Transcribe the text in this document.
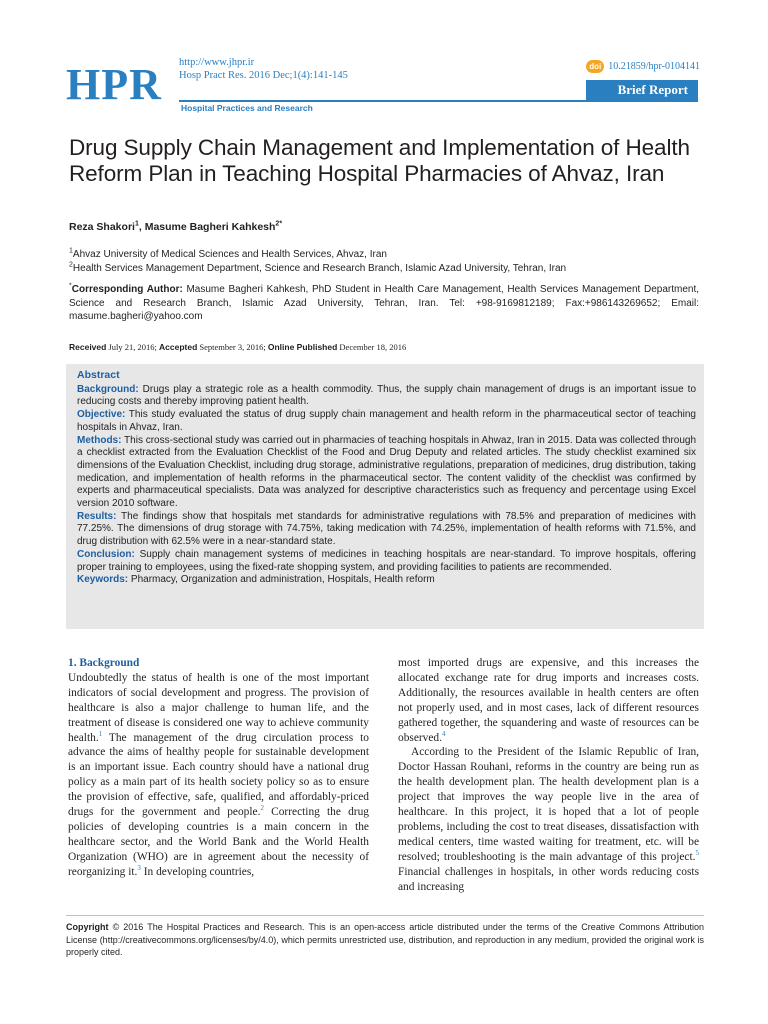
HPR http://www.jhpr.ir
Hosp Pract Res. 2016 Dec;1(4):141-145
Hospital Practices and Research
doi 10.21859/hpr-0104141
Brief Report
Drug Supply Chain Management and Implementation of Health Reform Plan in Teaching Hospital Pharmacies of Ahvaz, Iran
Reza Shakori$^1$, Masume Bagheri Kahkesh$^{2*}$
$^1$Ahvaz University of Medical Sciences and Health Services, Ahvaz, Iran
$^2$Health Services Management Department, Science and Research Branch, Islamic Azad University, Tehran, Iran
*Corresponding Author: Masume Bagheri Kahkesh, PhD Student in Health Care Management, Health Services Management Department, Science and Research Branch, Islamic Azad University, Tehran, Iran. Tel: +98-9169812189; Fax:+986143269652; Email: masume.bagheri@yahoo.com
Received July 21, 2016; Accepted September 3, 2016; Online Published December 18, 2016
Abstract

Background: Drugs play a strategic role as a health commodity. Thus, the supply chain management of drugs is an important issue to reducing costs and thereby improving patient health.

Objective: This study evaluated the status of drug supply chain management and health reform in the pharmaceutical sector of teaching hospitals in Ahvaz, Iran.

Methods: This cross-sectional study was carried out in pharmacies of teaching hospitals in Ahwaz, Iran in 2015. Data was collected through a checklist extracted from the Evaluation Checklist of the Food and Drug Deputy and related articles. The study checklist examined six dimensions of the Evaluation Checklist, including drug storage, administrative regulations, preparation of medicines, drug distribution, taking medication, and implementation of health reforms in the pharmaceutical sector. The content validity of the checklist was confirmed by experts and pharmaceutical specialists. Data was analyzed for descriptive characteristics such as frequency and percentage using Excel version 2010 software.

Results: The findings show that hospitals met standards for administrative regulations with 78.5% and preparation of medicines with 77.25%. The dimensions of drug storage with 74.75%, taking medication with 74.25%, implementation of health reforms with 71.5%, and drug distribution with 62.5% were in a near-standard state.

Conclusion: Supply chain management systems of medicines in teaching hospitals are near-standard. To improve hospitals, offering proper training to employees, using the fixed-rate shopping system, and providing facilities to patients are recommended.

Keywords: Pharmacy, Organization and administration, Hospitals, Health reform

1. Background

Undoubtedly the status of health is one of the most important indicators of social development and progress. The provision of healthcare is also a major challenge to human life, and the treatment of disease is considered one way to achieve community health.$^1$ The management of the drug circulation process to advance the aims of healthy people for sustainable development is an important issue. Each country should have a national drug policy as a main part of its health society policy so as to ensure the provision of effective, safe, qualified, and affordably-priced drugs for the government and people.$^2$ Correcting the drug policies of developing countries is a main concern in the healthcare sector, and the World Bank and the World Health Organization (WHO) are in agreement about the necessity of reorganizing it.$^3$ In developing countries,

most imported drugs are expensive, and this increases the allocated exchange rate for drug imports and increases costs. Additionally, the resources available in health centers are often not properly used, and in most cases, lack of different resources gathered together, the squandering and waste of resources can be observed.$^4$

According to the President of the Islamic Republic of Iran, Doctor Hassan Rouhani, reforms in the country are being run as the health development plan. The health development plan is a project that improves the way people live in the area of healthcare. In this project, it is hoped that a lot of people problems, including the cost to treat diseases, dissatisfaction with medical centers, time wasted waiting for treatment, etc. will be resolved; troubleshooting is the main advantage of this project.$^5$ Financial challenges in hospitals, in other words reducing costs and increasing

Copyright © 2016 The Hospital Practices and Research. This is an open-access article distributed under the terms of the Creative Commons Attribution License (http://creativecommons.org/licenses/by/4.0), which permits unrestricted use, distribution, and reproduction in any medium, provided the original work is properly cited.
